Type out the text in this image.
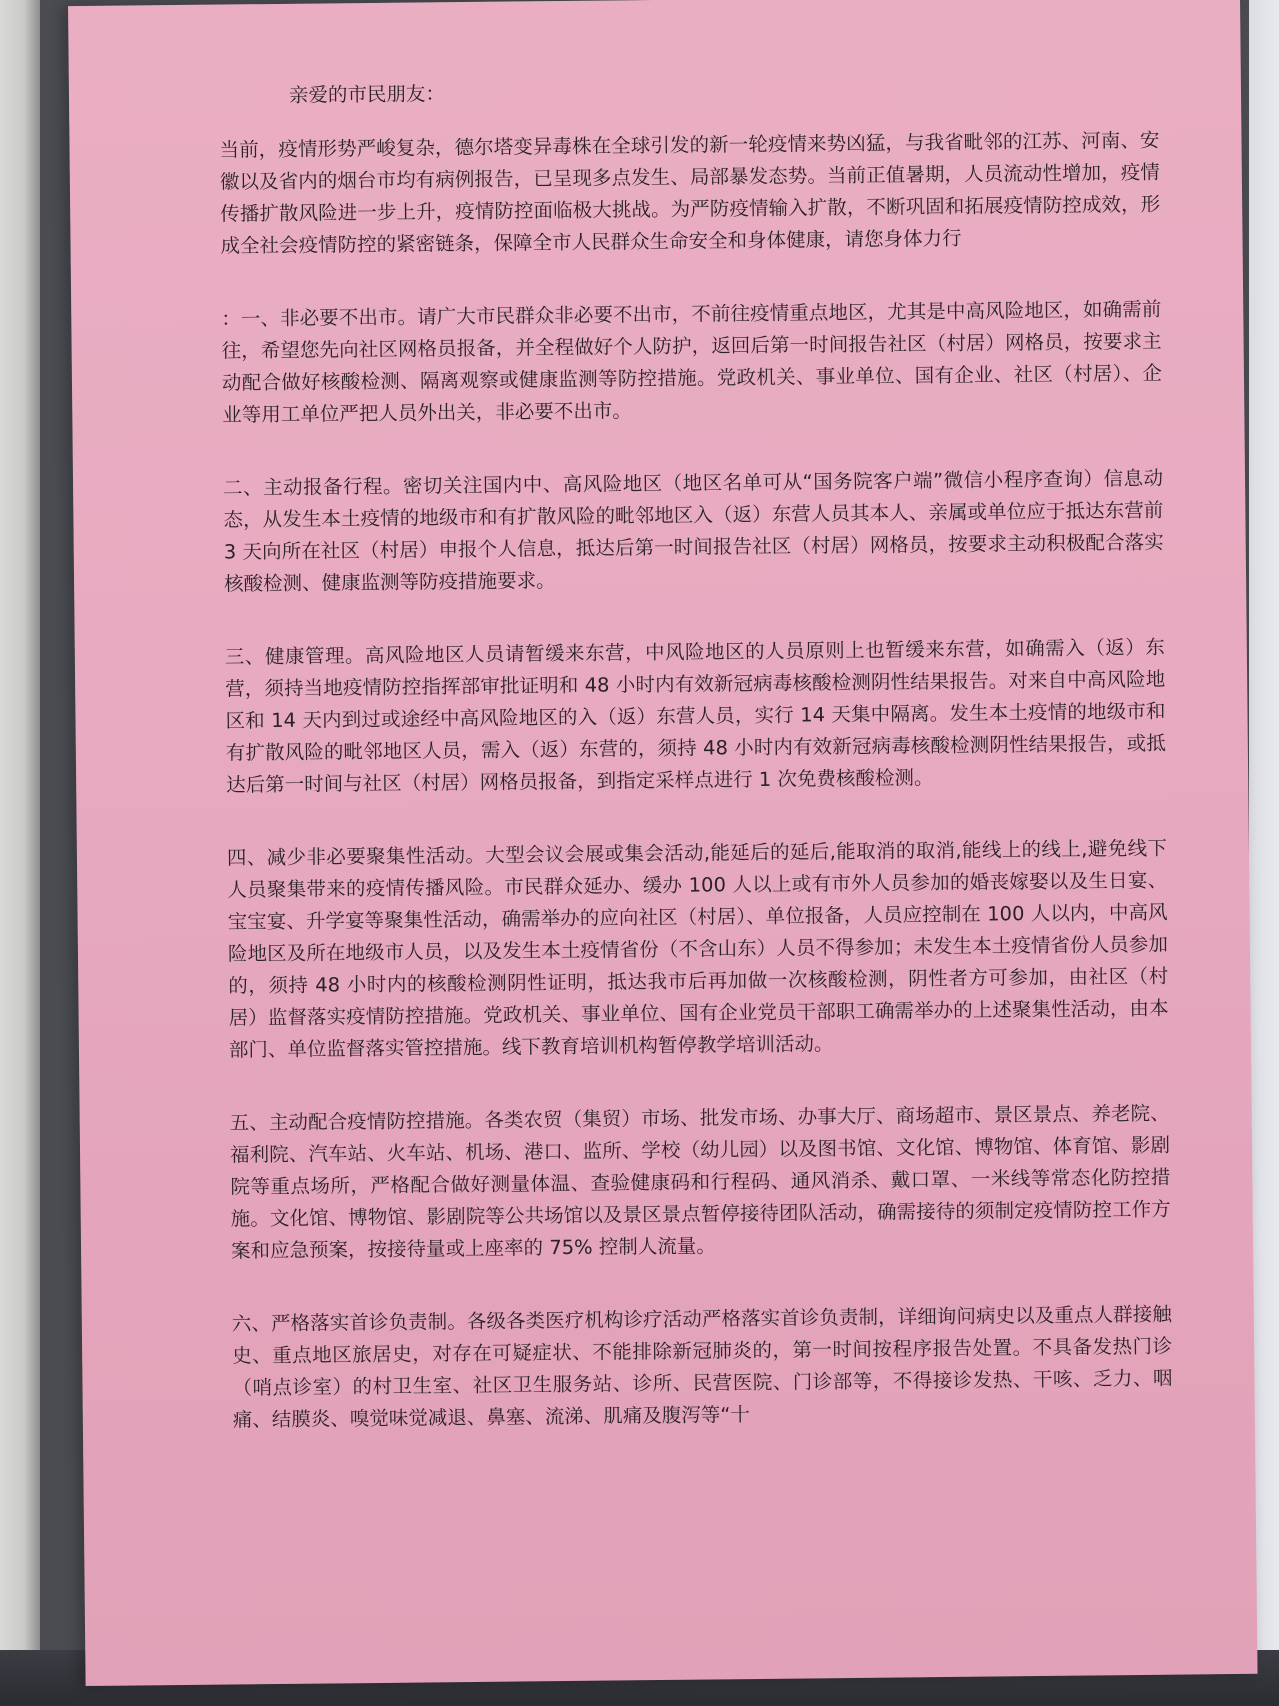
亲爱的市民朋友：
当前，疫情形势严峻复杂，德尔塔变异毒株在全球引发的新一轮疫情来势凶猛，与我省毗邻的江苏、河南、安徽以及省内的烟台市均有病例报告，已呈现多点发生、局部暴发态势。当前正值暑期，人员流动性增加，疫情传播扩散风险进一步上升，疫情防控面临极大挑战。为严防疫情输入扩散，不断巩固和拓展疫情防控成效，形成全社会疫情防控的紧密链条，保障全市人民群众生命安全和身体健康，请您身体力行
：一、非必要不出市。请广大市民群众非必要不出市，不前往疫情重点地区，尤其是中高风险地区，如确需前往，希望您先向社区网格员报备，并全程做好个人防护，返回后第一时间报告社区（村居）网格员，按要求主动配合做好核酸检测、隔离观察或健康监测等防控措施。党政机关、事业单位、国有企业、社区（村居）、企业等用工单位严把人员外出关，非必要不出市。
二、主动报备行程。密切关注国内中、高风险地区（地区名单可从“国务院客户端”微信小程序查询）信息动态，从发生本土疫情的地级市和有扩散风险的毗邻地区入（返）东营人员其本人、亲属或单位应于抵达东营前 3 天向所在社区（村居）申报个人信息，抵达后第一时间报告社区（村居）网格员，按要求主动积极配合落实核酸检测、健康监测等防疫措施要求。
三、健康管理。高风险地区人员请暂缓来东营，中风险地区的人员原则上也暂缓来东营，如确需入（返）东营，须持当地疫情防控指挥部审批证明和 48 小时内有效新冠病毒核酸检测阴性结果报告。对来自中高风险地区和 14 天内到过或途经中高风险地区的入（返）东营人员，实行 14 天集中隔离。发生本土疫情的地级市和有扩散风险的毗邻地区人员，需入（返）东营的，须持 48 小时内有效新冠病毒核酸检测阴性结果报告，或抵达后第一时间与社区（村居）网格员报备，到指定采样点进行 1 次免费核酸检测。
四、减少非必要聚集性活动。大型会议会展或集会活动,能延后的延后,能取消的取消,能线上的线上,避免线下人员聚集带来的疫情传播风险。市民群众延办、缓办 100 人以上或有市外人员参加的婚丧嫁娶以及生日宴、宝宝宴、升学宴等聚集性活动，确需举办的应向社区（村居）、单位报备，人员应控制在 100 人以内，中高风险地区及所在地级市人员，以及发生本土疫情省份（不含山东）人员不得参加；未发生本土疫情省份人员参加的，须持 48 小时内的核酸检测阴性证明，抵达我市后再加做一次核酸检测，阴性者方可参加，由社区（村居）监督落实疫情防控措施。党政机关、事业单位、国有企业党员干部职工确需举办的上述聚集性活动，由本部门、单位监督落实管控措施。线下教育培训机构暂停教学培训活动。
五、主动配合疫情防控措施。各类农贸（集贸）市场、批发市场、办事大厅、商场超市、景区景点、养老院、福利院、汽车站、火车站、机场、港口、监所、学校（幼儿园）以及图书馆、文化馆、博物馆、体育馆、影剧院等重点场所，严格配合做好测量体温、查验健康码和行程码、通风消杀、戴口罩、一米线等常态化防控措施。文化馆、博物馆、影剧院等公共场馆以及景区景点暂停接待团队活动，确需接待的须制定疫情防控工作方案和应急预案，按接待量或上座率的 75% 控制人流量。
六、严格落实首诊负责制。各级各类医疗机构诊疗活动严格落实首诊负责制，详细询问病史以及重点人群接触史、重点地区旅居史，对存在可疑症状、不能排除新冠肺炎的，第一时间按程序报告处置。不具备发热门诊（哨点诊室）的村卫生室、社区卫生服务站、诊所、民营医院、门诊部等，不得接诊发热、干咳、乏力、咽痛、结膜炎、嗅觉味觉减退、鼻塞、流涕、肌痛及腹泻等“十
